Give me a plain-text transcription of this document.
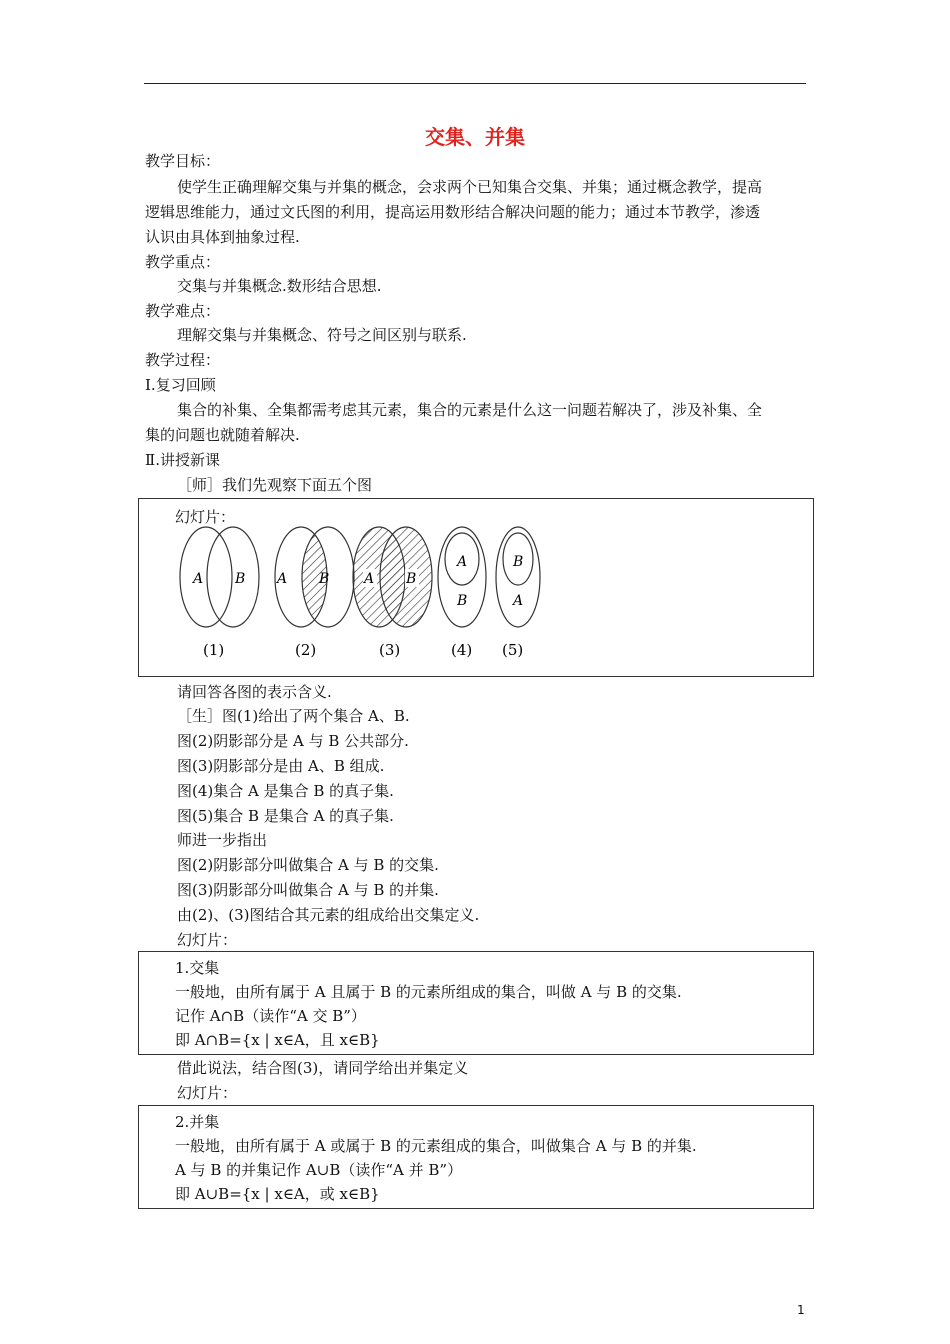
交集、并集
教学目标：
使学生正确理解交集与并集的概念，会求两个已知集合交集、并集；通过概念教学，提高
逻辑思维能力，通过文氏图的利用，提高运用数形结合解决问题的能力；通过本节教学，渗透
认识由具体到抽象过程.
教学重点：
交集与并集概念.数形结合思想.
教学难点：
理解交集与并集概念、符号之间区别与联系.
教学过程：
Ⅰ.复习回顾
集合的补集、全集都需考虑其元素，集合的元素是什么这一问题若解决了，涉及补集、全
集的问题也就随着解决.
Ⅱ.讲授新课
［师］我们先观察下面五个图
幻灯片：
A B A B A B
A
B
B
A
(1)	(2)	(3)	(4) (5)
请回答各图的表示含义.
［生］图(1)给出了两个集合 A、B.
图(2)阴影部分是 A 与 B 公共部分.
图(3)阴影部分是由 A、B 组成.
图(4)集合 A 是集合 B 的真子集.
图(5)集合 B 是集合 A 的真子集.
师进一步指出
图(2)阴影部分叫做集合 A 与 B 的交集.
图(3)阴影部分叫做集合 A 与 B 的并集.
由(2)、(3)图结合其元素的组成给出交集定义.
幻灯片：
1.交集
一般地，由所有属于 A 且属于 B 的元素所组成的集合，叫做 A 与 B 的交集.
记作 A∩B（读作“A 交 B”）
即 A∩B={x | x∈A，且 x∈B}
借此说法，结合图(3)，请同学给出并集定义
幻灯片：
2.并集
一般地，由所有属于 A 或属于 B 的元素组成的集合，叫做集合 A 与 B 的并集.
A 与 B 的并集记作 A∪B（读作“A 并 B”）
即 A∪B={x | x∈A，或 x∈B}
1
